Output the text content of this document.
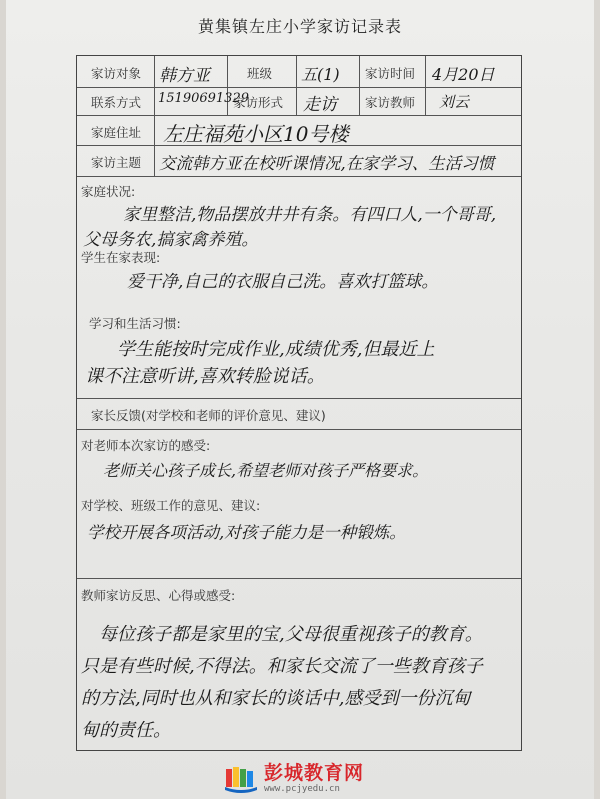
黄集镇左庄小学家访记录表
家访对象 韩方亚	班级 五(1) 家访时间 4月20日
联系方式 15190691329
家访形式 走访 家访教师 刘云
家庭住址 左庄福苑小区10号楼
家访主题 交流韩方亚在校听课情况,在家学习、生活习惯
家庭状况:
家里整洁,物品摆放井井有条。有四口人,一个哥哥,
父母务农,搞家禽养殖。
学生在家表现:
爱干净,自己的衣服自己洗。喜欢打篮球。
学习和生活习惯:
学生能按时完成作业,成绩优秀,但最近上
课不注意听讲,喜欢转脸说话。
家长反馈(对学校和老师的评价意见、建议)
对老师本次家访的感受:
老师关心孩子成长,希望老师对孩子严格要求。
对学校、班级工作的意见、建议:
学校开展各项活动,对孩子能力是一种锻炼。
教师家访反思、心得或感受:
每位孩子都是家里的宝,父母很重视孩子的教育。
只是有些时候,不得法。和家长交流了一些教育孩子
的方法,同时也从和家长的谈话中,感受到一份沉甸
甸的责任。
彭城教育网
www.pcjyedu.cn
